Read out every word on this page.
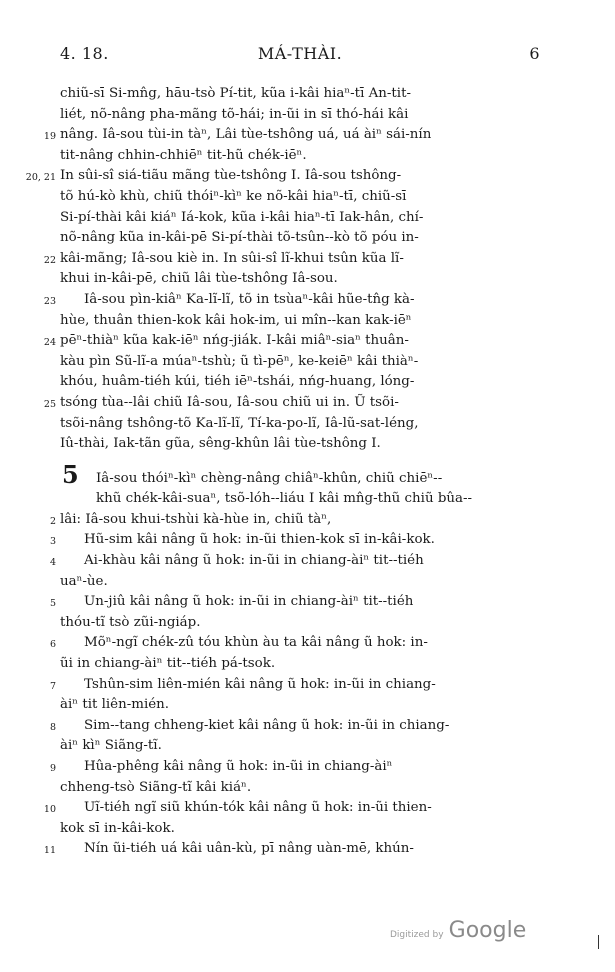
4. 18.	MÁ-THÀI.	6
chiũ-sī Si-mn̂g, hāu-tsò Pí-tit, kũa i-kâi hiaⁿ-tī An-tit-
liét, nõ-nâng pha-mãng tõ-hái; in-ũi in sī thó-hái kâi
19 nâng. Iâ-sou tùi-in tàⁿ, Lâi tùe-tshông uá, uá àiⁿ sái-nín
tit-nâng chhin-chhiēⁿ tit-hũ chék-iēⁿ.
20, 21 In sûi-sî siá-tiãu mãng tùe-tshông I. Iâ-sou tshông-
tõ hú-kò khù, chiũ thóiⁿ-kìⁿ ke nõ-kâi hiaⁿ-tī, chiũ-sī
Si-pí-thài kâi kiáⁿ Iá-kok, kũa i-kâi hiaⁿ-tī Iak-hân, chí-
nõ-nâng kũa in-kâi-pē Si-pí-thài tõ-tsûn--kò tõ póu in-
22 kâi-mãng; Iâ-sou kiè in. In sûi-sî lĩ-khui tsûn kũa lĩ-
khui in-kâi-pē, chiũ lâi tùe-tshông Iâ-sou.
23 Iâ-sou pìn-kiâⁿ Ka-lĩ-lĩ, tõ in tsùaⁿ-kâi hũe-tn̂g kà-
hùe, thuân thien-kok kâi hok-im, ui mîn--kan kak-iēⁿ
24 pēⁿ-thiàⁿ kũa kak-iēⁿ nńg-jiák. I-kâi miâⁿ-siaⁿ thuân-
kàu pìn Sũ-lĩ-a múaⁿ-tshù; ũ tì-pēⁿ, ke-keiēⁿ kâi thiàⁿ-
khóu, huâm-tiéh kúi, tiéh iēⁿ-tshái, nńg-huang, lóng-
25 tsóng tùa--lâi chiũ Iâ-sou, Iâ-sou chiũ ui in. Ũ tsõi-
tsõi-nâng tshông-tõ Ka-lĩ-lĩ, Tí-ka-po-lĩ, Iâ-lũ-sat-léng,
Iû-thài, Iak-tãn gũa, sêng-khûn lâi tùe-tshông I.
5	Iâ-sou thóiⁿ-kìⁿ chèng-nâng chiâⁿ-khûn, chiũ chiēⁿ--
khũ chék-kâi-suaⁿ, tsõ-lóh--liáu I kâi mn̂g-thũ chiũ bûa--
2 lâi: Iâ-sou khui-tshùi kà-hùe in, chiũ tàⁿ,
3 Hũ-sim kâi nâng ũ hok: in-ũi thien-kok sī in-kâi-kok.
4 Ai-khàu kâi nâng ũ hok: in-ũi in chiang-àiⁿ tit--tiéh
uaⁿ-ùe.
5 Un-jiû kâi nâng ũ hok: in-ũi in chiang-àiⁿ tit--tiéh
thóu-tĩ tsò zũi-ngiáp.
6 Mõⁿ-ngĩ chék-zû tóu khùn àu ta kâi nâng ũ hok: in-
ũi in chiang-àiⁿ tit--tiéh pá-tsok.
7 Tshûn-sim liên-mién kâi nâng ũ hok: in-ũi in chiang-
àiⁿ tit liên-mién.
8 Sim--tang chheng-kiet kâi nâng ũ hok: in-ũi in chiang-
àiⁿ kìⁿ Siãng-tĩ.
9 Hûa-phêng kâi nâng ũ hok: in-ũi in chiang-àiⁿ
chheng-tsò Siãng-tĩ kâi kiáⁿ.
10 Uĩ-tiéh ngĩ siũ khún-tók kâi nâng ũ hok: in-ũi thien-
kok sī in-kâi-kok.
11 Nín ũi-tiéh uá kâi uân-kù, pī nâng uàn-mē, khún-
Digitized by Google
